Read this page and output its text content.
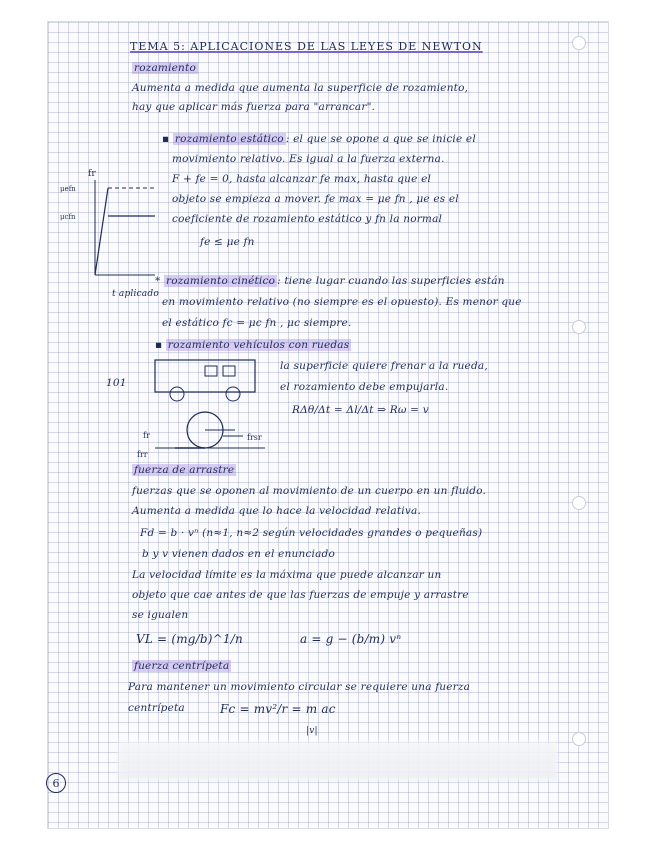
TEMA 5: APLICACIONES DE LAS LEYES DE NEWTON
rozamiento
Aumenta a medida que aumenta la superficie de rozamiento,
hay que aplicar más fuerza para "arrancar".
▪ rozamiento estático : el que se opone a que se inicie el
movimiento relativo. Es igual a la fuerza externa.
F + fe = 0, hasta alcanzar fe max, hasta que el
objeto se empieza a mover. fe max = μe fn , μe es el
coeficiente de rozamiento estático y fn la normal
fe ≤ μe fn
fr
μefn
μcfn
t aplicado
* rozamiento cinético : tiene lugar cuando las superficies están
en movimiento relativo (no siempre es el opuesto). Es menor que
el estático fc = μc fn , μc siempre.
▪ rozamiento vehículos con ruedas
la superficie quiere frenar a la rueda,
el rozamiento debe empujarla.
RΔθ/Δt = Δl/Δt ⇒ Rω = v
101
fr	frsr
frr
fuerza de arrastre
fuerzas que se oponen al movimiento de un cuerpo en un fluido.
Aumenta a medida que lo hace la velocidad relativa.
Fd = b · vⁿ (n≈1, n≈2 según velocidades grandes o pequeñas)
b y v vienen dados en el enunciado
La velocidad límite es la máxima que puede alcanzar un
objeto que cae antes de que las fuerzas de empuje y arrastre
se igualen
VL = (mg/b)^1/n	a = g − (b/m) vⁿ
fuerza centrípeta
Para mantener un movimiento circular se requiere una fuerza
centrípeta	Fc = mv²/r = m ac
|v|
6
